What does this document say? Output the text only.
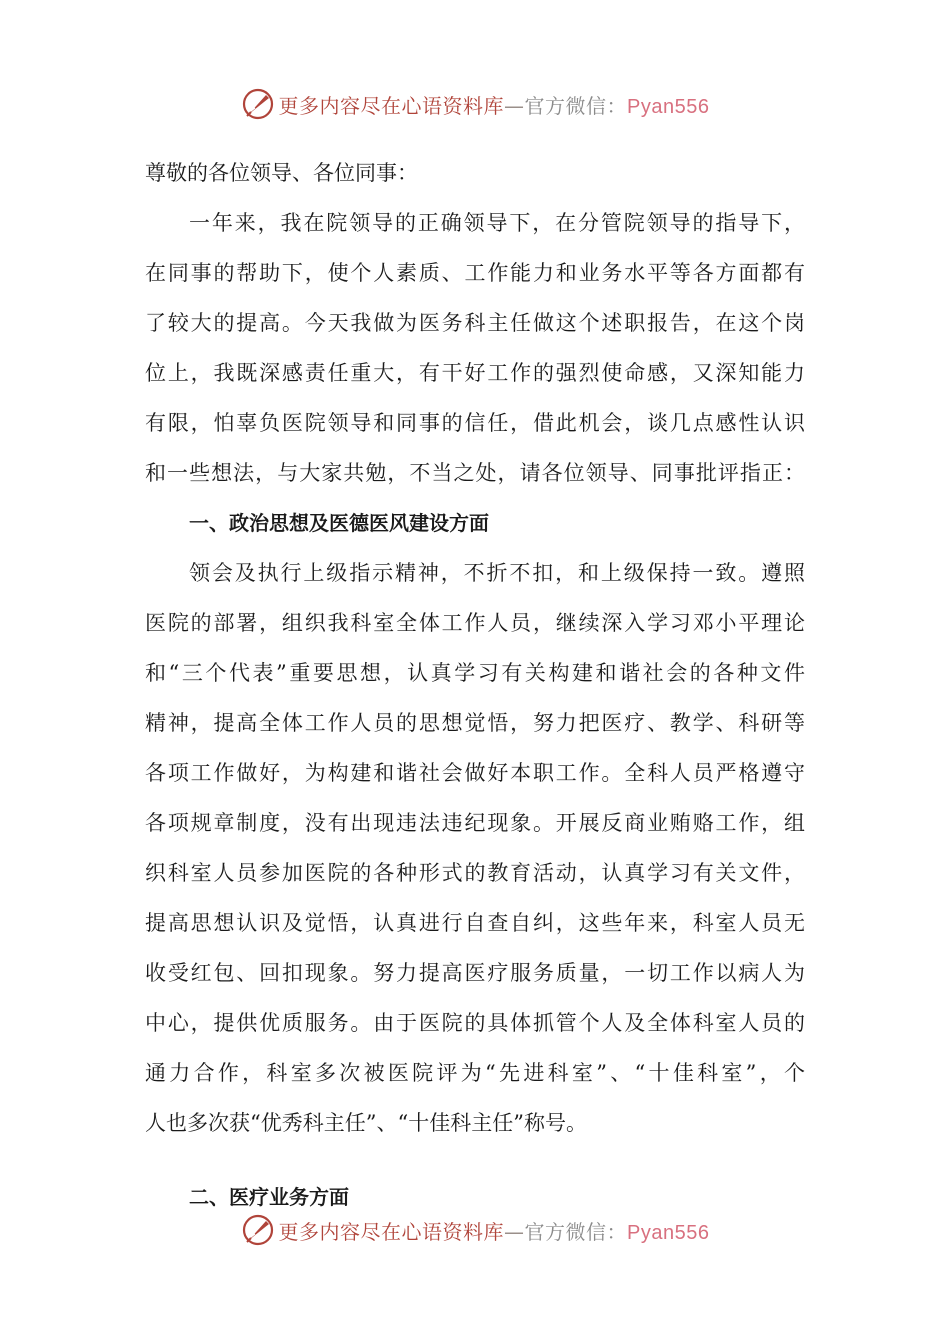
更多内容尽在心语资料库—官方微信：Pyan556
尊敬的各位领导、各位同事：
一年来，我在院领导的正确领导下，在分管院领导的指导下，
在同事的帮助下，使个人素质、工作能力和业务水平等各方面都有
了较大的提高。今天我做为医务科主任做这个述职报告，在这个岗
位上，我既深感责任重大，有干好工作的强烈使命感，又深知能力
有限，怕辜负医院领导和同事的信任，借此机会，谈几点感性认识
和一些想法，与大家共勉，不当之处，请各位领导、同事批评指正：
一、政治思想及医德医风建设方面
领会及执行上级指示精神，不折不扣，和上级保持一致。遵照
医院的部署，组织我科室全体工作人员，继续深入学习邓小平理论
和“三个代表”重要思想，认真学习有关构建和谐社会的各种文件
精神，提高全体工作人员的思想觉悟，努力把医疗、教学、科研等
各项工作做好，为构建和谐社会做好本职工作。全科人员严格遵守
各项规章制度，没有出现违法违纪现象。开展反商业贿赂工作，组
织科室人员参加医院的各种形式的教育活动，认真学习有关文件，
提高思想认识及觉悟，认真进行自查自纠，这些年来，科室人员无
收受红包、回扣现象。努力提高医疗服务质量，一切工作以病人为
中心，提供优质服务。由于医院的具体抓管个人及全体科室人员的
通力合作，科室多次被医院评为“先进科室”、“十佳科室”，个
人也多次获“优秀科主任”、“十佳科主任”称号。
二、医疗业务方面
更多内容尽在心语资料库—官方微信：Pyan556
